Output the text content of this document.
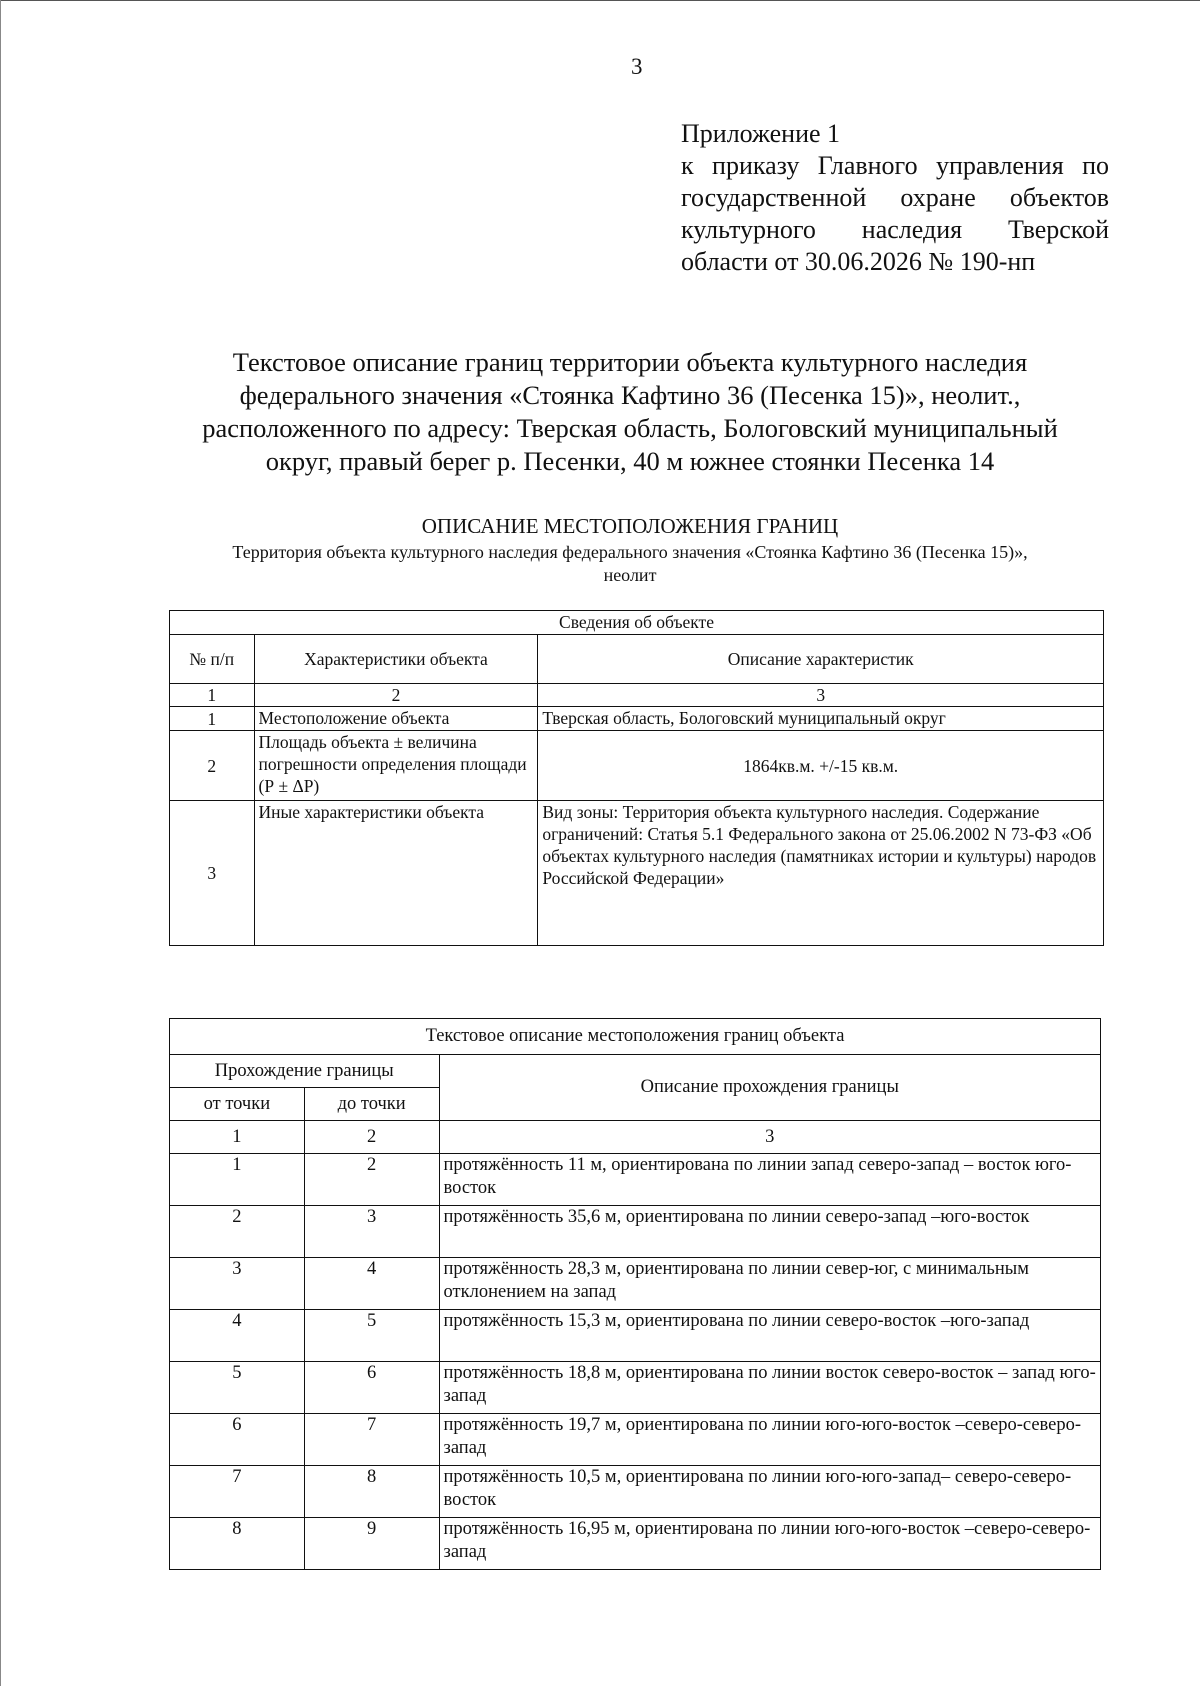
3
Приложение 1
к приказу Главного управления по
государственной охране объектов
культурного наследия Тверской
области от 30.06.2026 № 190-нп
Текстовое описание границ территории объекта культурного наследия
федерального значения «Стоянка Кафтино 36 (Песенка 15)», неолит.,
расположенного по адресу: Тверская область, Бологовский муниципальный
округ, правый берег р. Песенки, 40 м южнее стоянки Песенка 14
ОПИСАНИЕ МЕСТОПОЛОЖЕНИЯ ГРАНИЦ
Территория объекта культурного наследия федерального значения «Стоянка Кафтино 36 (Песенка 15)»,
неолит
Сведения об объекте		
№ п/п	Характеристики объекта	Описание характеристик
1	2	3
1	Местоположение объекта	Тверская область, Бологовский муниципальный округ
2	Площадь объекта ± величина погрешности определения площади (Р ± ΔР)	1864кв.м. +/-15 кв.м.
3	Иные характеристики объекта	Вид зоны: Территория объекта культурного наследия. Содержание ограничений: Статья 5.1 Федерального закона от 25.06.2002 N 73-ФЗ «Об объектах культурного наследия (памятниках истории и культуры) народов Российской Федерации»
Текстовое описание местоположения границ объекта		
Прохождение границы		Описание прохождения границы
от точки	до точки	
1	2	3
1	2	протяжённость 11 м, ориентирована по линии запад северо-запад – восток юго-восток
2	3	протяжённость 35,6 м, ориентирована по линии северо-запад –юго-восток
3	4	протяжённость 28,3 м, ориентирована по линии север-юг, с минимальным отклонением на запад
4	5	протяжённость 15,3 м, ориентирована по линии северо-восток –юго-запад
5	6	протяжённость 18,8 м, ориентирована по линии восток северо-восток – запад юго-запад
6	7	протяжённость 19,7 м, ориентирована по линии юго-юго-восток –северо-северо-запад
7	8	протяжённость 10,5 м, ориентирована по линии юго-юго-запад– северо-северо-восток
8	9	протяжённость 16,95 м, ориентирована по линии юго-юго-восток –северо-северо-запад
